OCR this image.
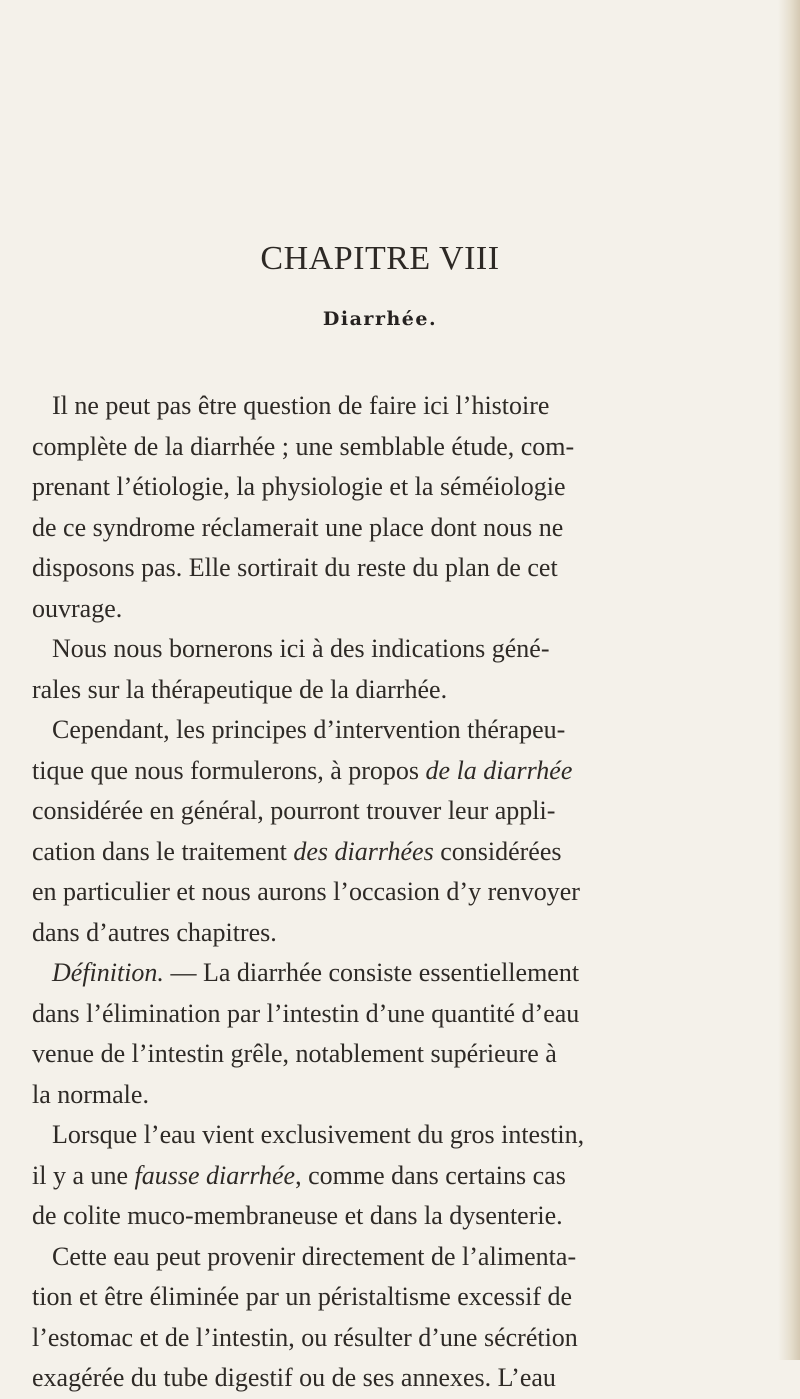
CHAPITRE VIII
Diarrhée.
Il ne peut pas être question de faire ici l’histoire
complète de la diarrhée ; une semblable étude, com-
prenant l’étiologie, la physiologie et la séméiologie
de ce syndrome réclamerait une place dont nous ne
disposons pas. Elle sortirait du reste du plan de cet
ouvrage.
Nous nous bornerons ici à des indications géné-
rales sur la thérapeutique de la diarrhée.
Cependant, les principes d’intervention thérapeu-
tique que nous formulerons, à propos de la diarrhée
considérée en général, pourront trouver leur appli-
cation dans le traitement des diarrhées considérées
en particulier et nous aurons l’occasion d’y renvoyer
dans d’autres chapitres.
Définition. — La diarrhée consiste essentiellement
dans l’élimination par l’intestin d’une quantité d’eau
venue de l’intestin grêle, notablement supérieure à
la normale.
Lorsque l’eau vient exclusivement du gros intestin,
il y a une fausse diarrhée, comme dans certains cas
de colite muco-membraneuse et dans la dysenterie.
Cette eau peut provenir directement de l’alimenta-
tion et être éliminée par un péristaltisme excessif de
l’estomac et de l’intestin, ou résulter d’une sécrétion
exagérée du tube digestif ou de ses annexes. L’eau
